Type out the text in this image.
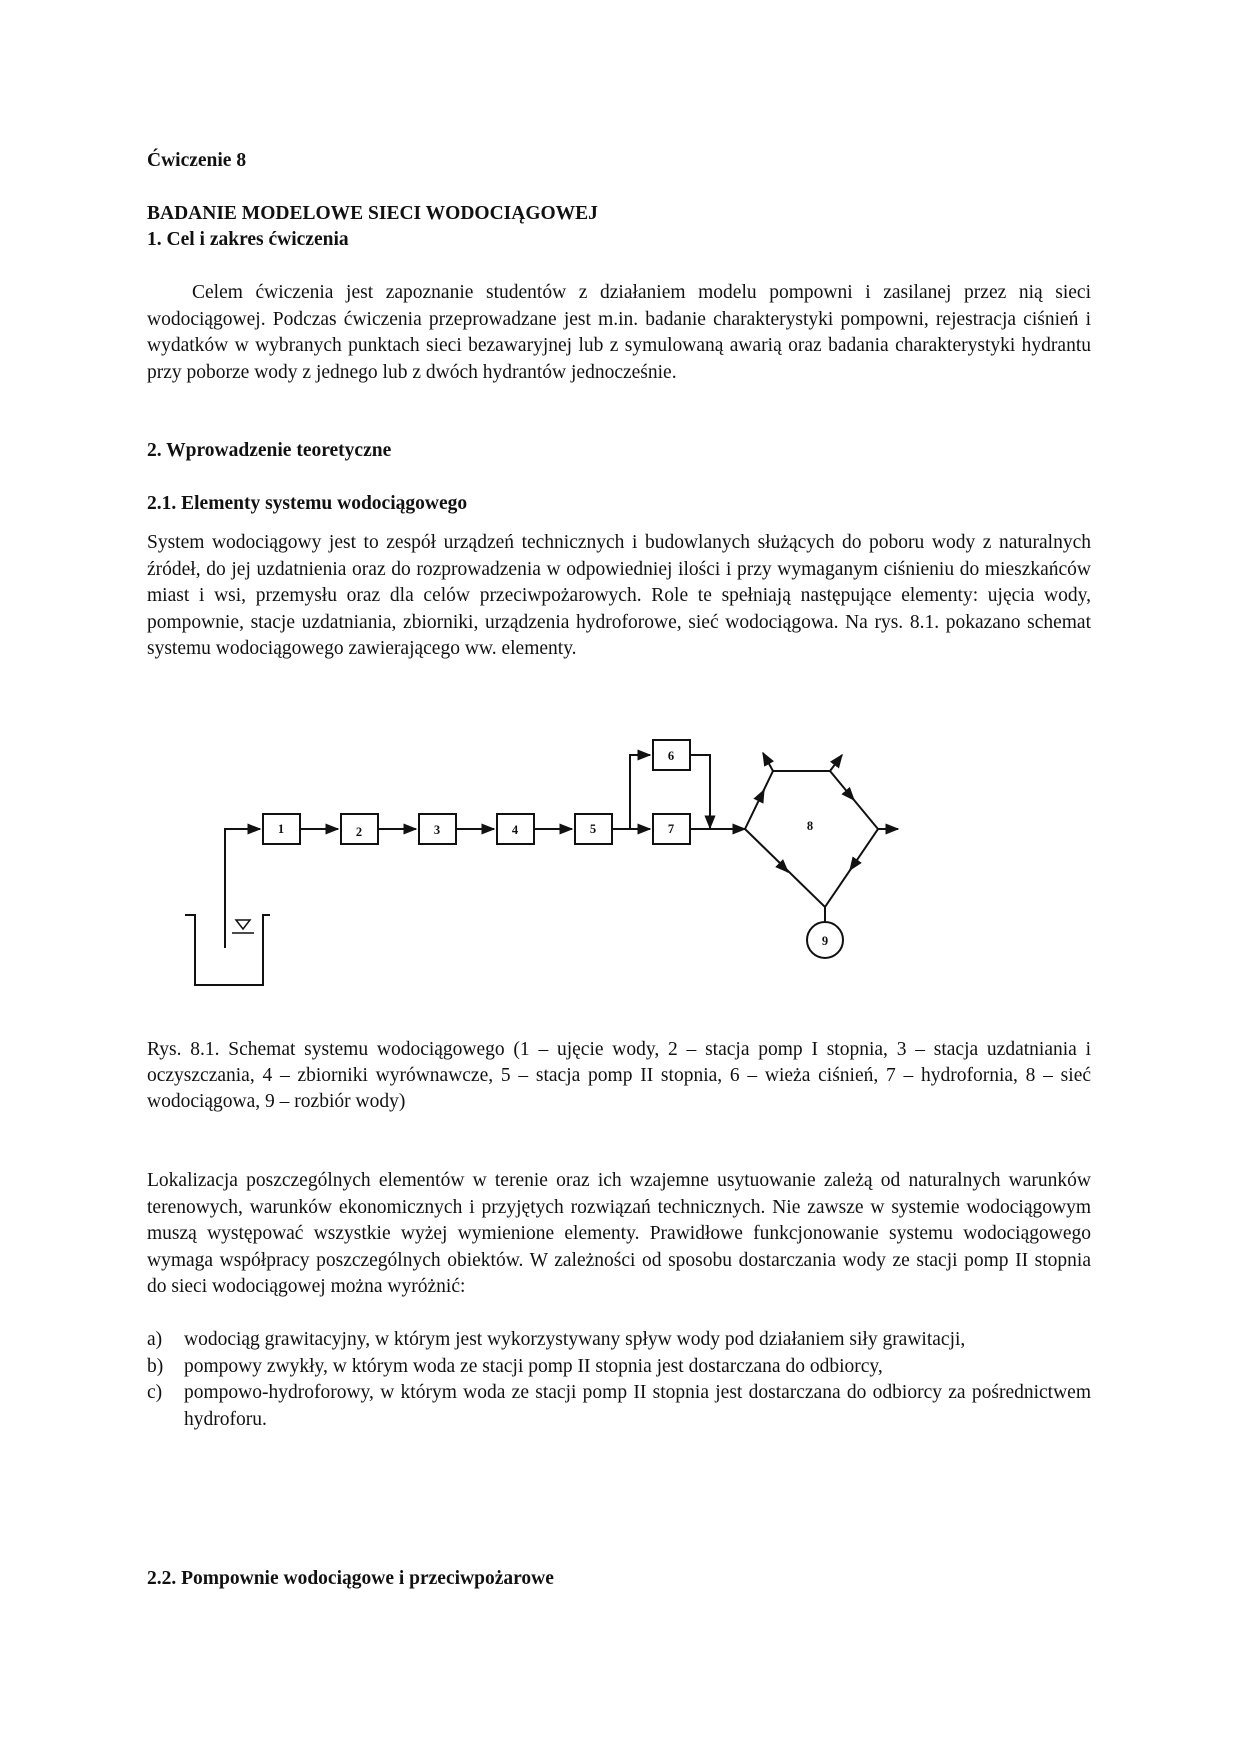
Ćwiczenie 8
BADANIE MODELOWE SIECI WODOCIĄGOWEJ
1. Cel i zakres ćwiczenia
Celem ćwiczenia jest zapoznanie studentów z działaniem modelu pompowni i zasilanej przez nią sieci wodociągowej. Podczas ćwiczenia przeprowadzane jest m.in. badanie charakterystyki pompowni, rejestracja ciśnień i wydatków w wybranych punktach sieci bezawaryjnej lub z symulowaną awarią oraz badania charakterystyki hydrantu przy poborze wody z jednego lub z dwóch hydrantów jednocześnie.
2. Wprowadzenie teoretyczne
2.1. Elementy systemu wodociągowego
System wodociągowy jest to zespół urządzeń technicznych i budowlanych służących do poboru wody z naturalnych źródeł, do jej uzdatnienia oraz do rozprowadzenia w odpowiedniej ilości i przy wymaganym ciśnieniu do mieszkańców miast i wsi, przemysłu oraz dla celów przeciwpożarowych. Role te spełniają następujące elementy: ujęcia wody, pompownie, stacje uzdatniania, zbiorniki, urządzenia hydroforowe, sieć wodociągowa. Na rys. 8.1. pokazano schemat systemu wodociągowego zawierającego ww. elementy.
1	2	3	4	5
6
7	8
9
Rys. 8.1. Schemat systemu wodociągowego (1 – ujęcie wody, 2 – stacja pomp I stopnia, 3 – stacja uzdatniania i oczyszczania, 4 – zbiorniki wyrównawcze, 5 – stacja pomp II stopnia, 6 – wieża ciśnień, 7 – hydrofornia, 8 – sieć wodociągowa, 9 – rozbiór wody)
Lokalizacja poszczególnych elementów w terenie oraz ich wzajemne usytuowanie zależą od naturalnych warunków terenowych, warunków ekonomicznych i przyjętych rozwiązań technicznych. Nie zawsze w systemie wodociągowym muszą występować wszystkie wyżej wymienione elementy. Prawidłowe funkcjonowanie systemu wodociągowego wymaga współpracy poszczególnych obiektów. W zależności od sposobu dostarczania wody ze stacji pomp II stopnia do sieci wodociągowej można wyróżnić:
a) wodociąg grawitacyjny, w którym jest wykorzystywany spływ wody pod działaniem siły grawitacji,
b) pompowy zwykły, w którym woda ze stacji pomp II stopnia jest dostarczana do odbiorcy,
c) pompowo-hydroforowy, w którym woda ze stacji pomp II stopnia jest dostarczana do odbiorcy za pośrednictwem hydroforu.
2.2. Pompownie wodociągowe i przeciwpożarowe
